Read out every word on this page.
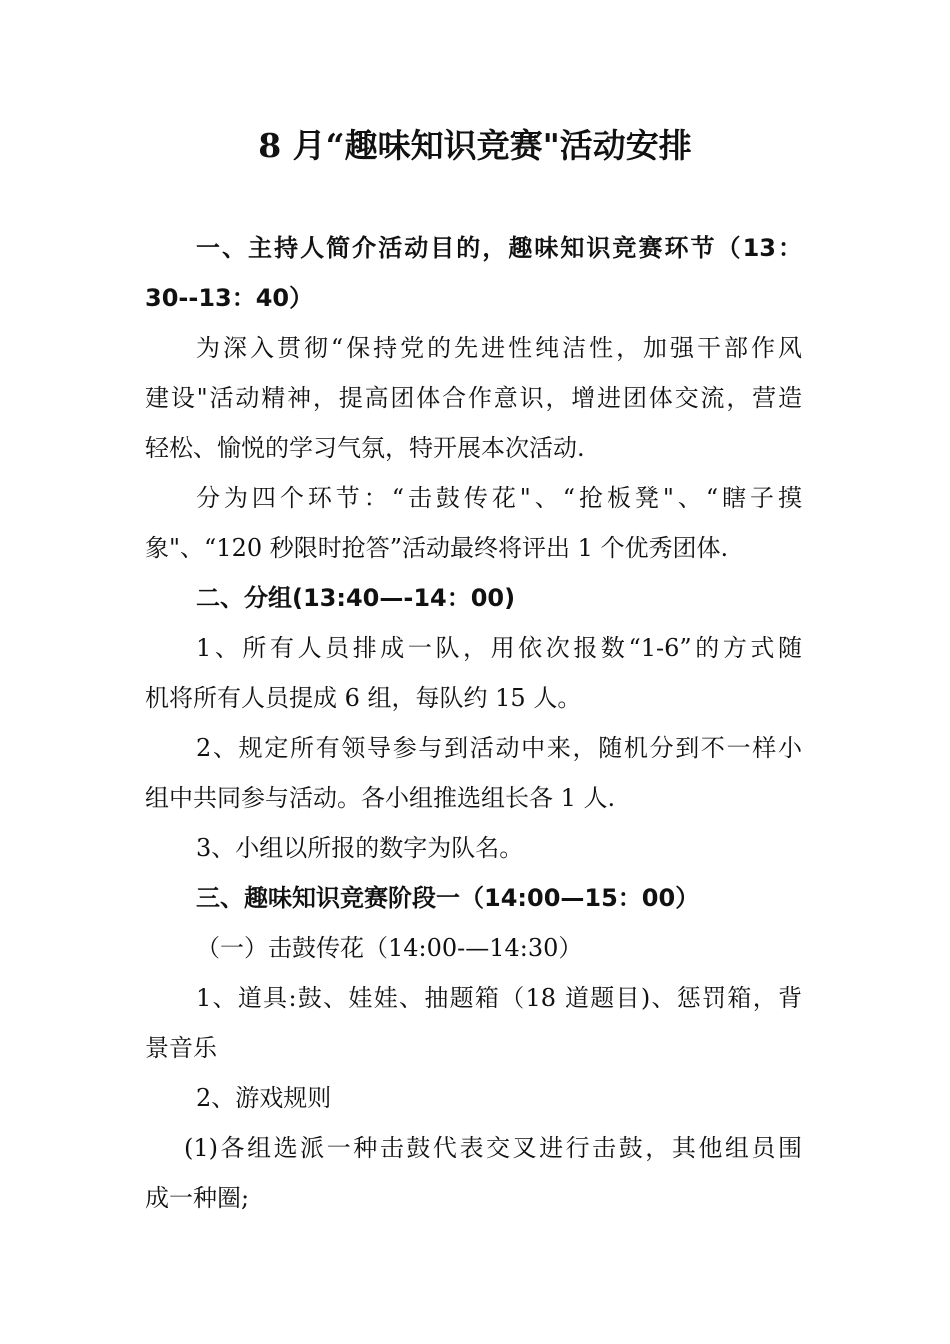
8 月“趣味知识竞赛"活动安排
一、主持人简介活动目的，趣味知识竞赛环节（13：
30--13：40）
为深入贯彻“保持党的先进性纯洁性，加强干部作风
建设"活动精神，提高团体合作意识，增进团体交流，营造
轻松、愉悦的学习气氛，特开展本次活动.
分为四个环节：“击鼓传花"、“抢板凳"、“瞎子摸
象"、“120 秒限时抢答”活动最终将评出 1 个优秀团体.
二、分组(13:40—-14：00)
1、所有人员排成一队，用依次报数“1-6”的方式随
机将所有人员提成 6 组，每队约 15 人。
2、规定所有领导参与到活动中来，随机分到不一样小
组中共同参与活动。各小组推选组长各 1 人.
3、小组以所报的数字为队名。
三、趣味知识竞赛阶段一（14:00—15：00）
（一）击鼓传花（14:00-—14:30）
1、道具:鼓、娃娃、抽题箱（18 道题目)、惩罚箱，背
景音乐
2、游戏规则
(1)各组选派一种击鼓代表交叉进行击鼓，其他组员围
成一种圈;
